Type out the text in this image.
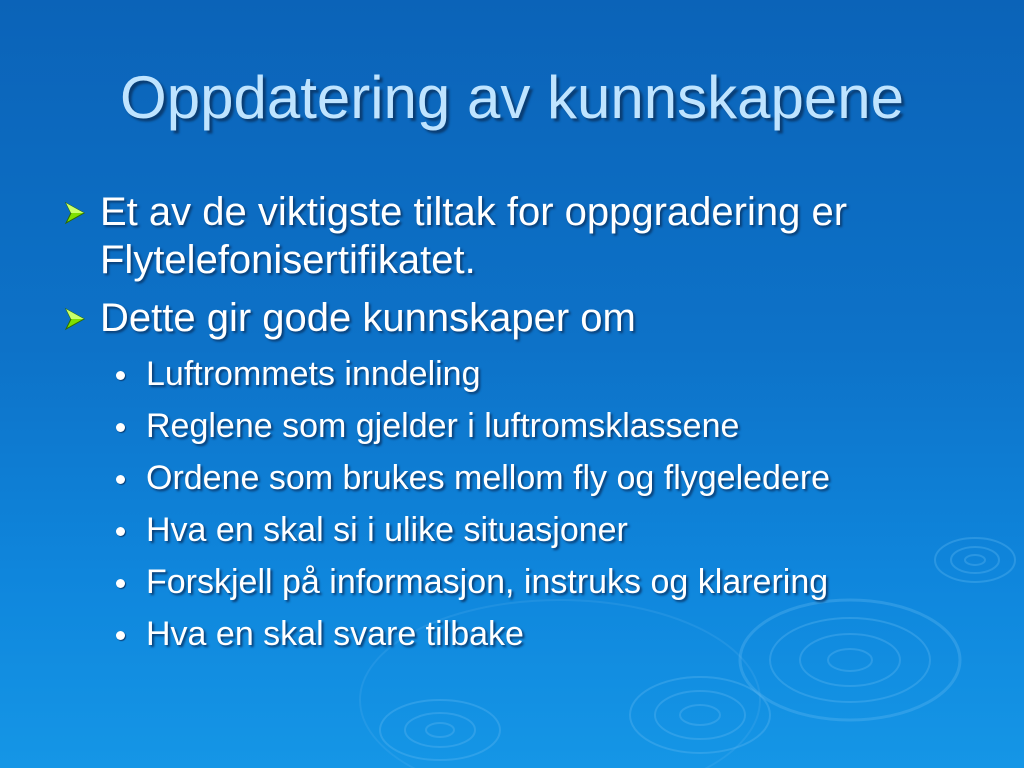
Oppdatering av kunnskapene
Et av de viktigste tiltak for oppgradering er
Flytelefonisertifikatet.
Dette gir gode kunnskaper om
Luftrommets inndeling
Reglene som gjelder i luftromsklassene
Ordene som brukes mellom fly og flygeledere
Hva en skal si i ulike situasjoner
Forskjell på informasjon, instruks og klarering
Hva en skal svare tilbake
